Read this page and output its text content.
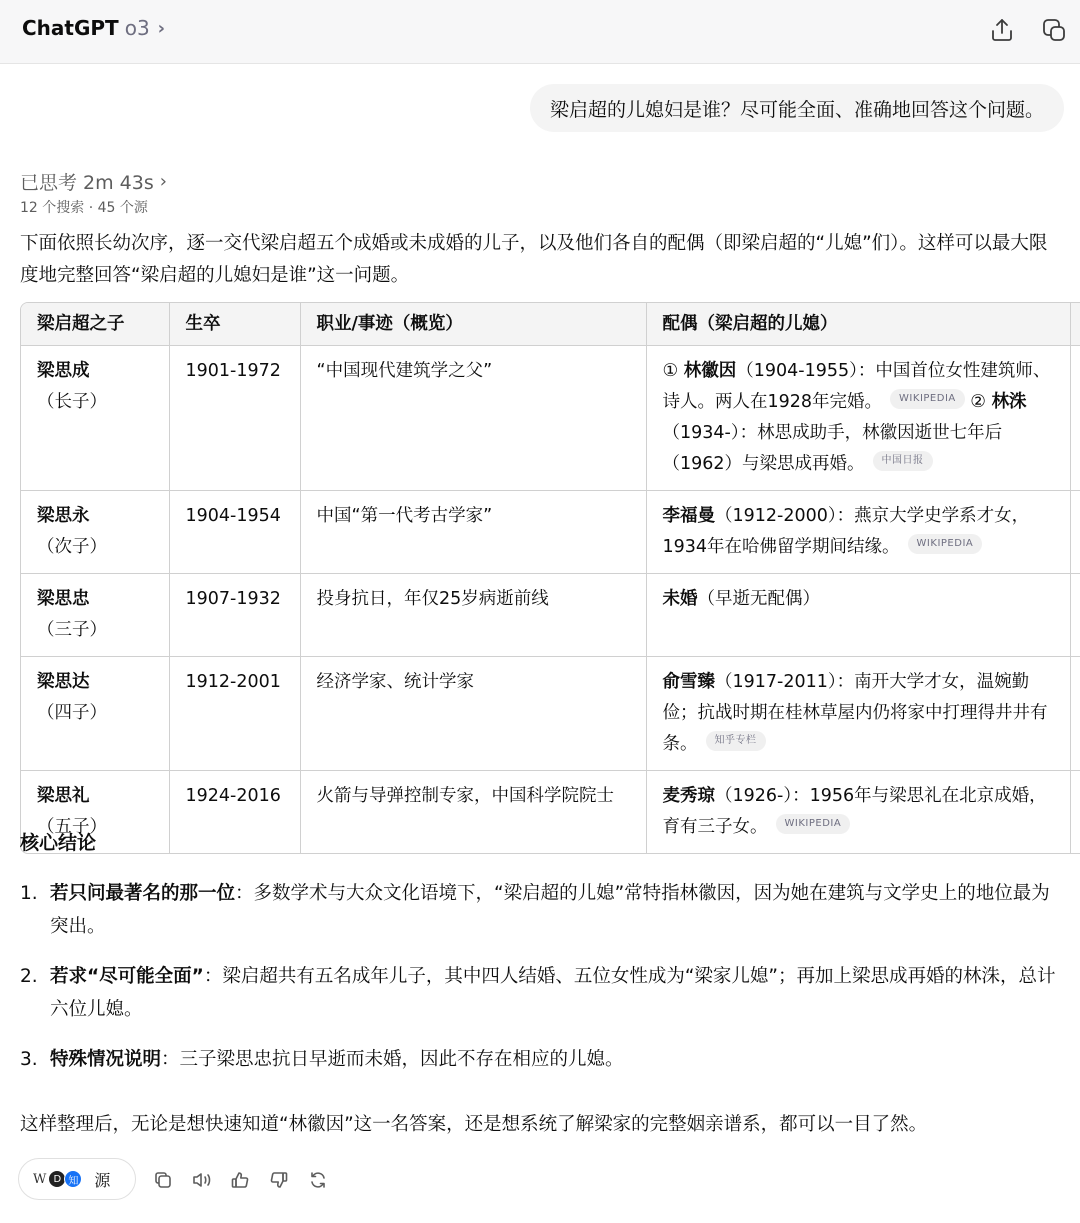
ChatGPT o3 ›
梁启超的儿媳妇是谁？尽可能全面、准确地回答这个问题。
已思考 2m 43s ›
12 个搜索 · 45 个源
下面依照长幼次序，逐一交代梁启超五个成婚或未成婚的儿子，以及他们各自的配偶（即梁启超的“儿媳”们）。这样可以最大限度地完整回答“梁启超的儿媳妇是谁”这一问题。
梁启超之子	生卒	职业/事迹（概览）	配偶（梁启超的儿媳）	
梁思成（长子）	1901-1972	“中国现代建筑学之父”	① 林徽因（1904-1955）：中国首位女性建筑师、诗人。两人在1928年完婚。 WIKIPEDIA ② 林洙（1934-）：林思成助手，林徽因逝世七年后（1962）与梁思成再婚。 中国日报	
梁思永（次子）	1904-1954	中国“第一代考古学家”	李福曼（1912-2000）：燕京大学史学系才女，1934年在哈佛留学期间结缘。 WIKIPEDIA	
梁思忠（三子）	1907-1932	投身抗日，年仅25岁病逝前线	未婚（早逝无配偶）	
梁思达（四子）	1912-2001	经济学家、统计学家	俞雪臻（1917-2011）：南开大学才女，温婉勤俭；抗战时期在桂林草屋内仍将家中打理得井井有条。 知乎专栏	
梁思礼（五子）	1924-2016	火箭与导弹控制专家，中国科学院院士	麦秀琼（1926-）：1956年与梁思礼在北京成婚，育有三子女。 WIKIPEDIA	
核心结论
1. 若只问最著名的那一位：多数学术与大众文化语境下，“梁启超的儿媳”常特指林徽因，因为她在建筑与文学史上的地位最为突出。
2. 若求“尽可能全面”：梁启超共有五名成年儿子，其中四人结婚、五位女性成为“梁家儿媳”；再加上梁思成再婚的林洙，总计六位儿媳。
3. 特殊情况说明：三子梁思忠抗日早逝而未婚，因此不存在相应的儿媳。
这样整理后，无论是想快速知道“林徽因”这一名答案，还是想系统了解梁家的完整姻亲谱系，都可以一目了然。
W D 知 源
